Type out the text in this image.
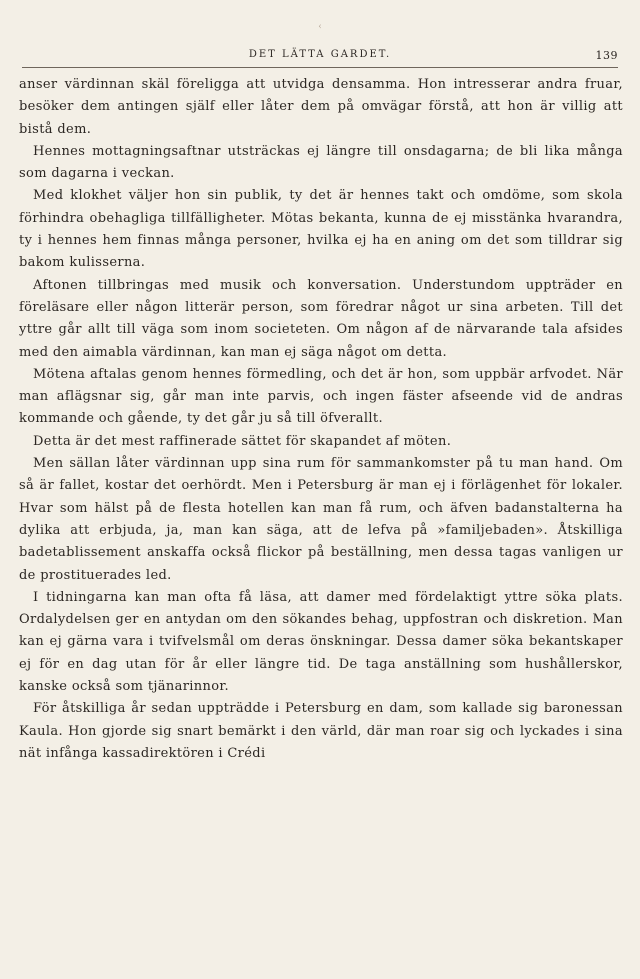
‹
DET LÄTTA GARDET.	139

anser värdinnan skäl föreligga att utvidga densamma. Hon intresserar andra fruar, besöker dem antingen själf eller låter dem på omvägar förstå, att hon är villig att bistå dem.

Hennes mottagningsaftnar utsträckas ej längre till onsdagarna; de bli lika många som dagarna i veckan.

Med klokhet väljer hon sin publik, ty det är hennes takt och omdöme, som skola förhindra obehagliga tillfälligheter. Mötas bekanta, kunna de ej misstänka hvarandra, ty i hennes hem finnas många personer, hvilka ej ha en aning om det som tilldrar sig bakom kulisserna.

Aftonen tillbringas med musik och konversation. Understundom uppträder en föreläsare eller någon litterär person, som föredrar något ur sina arbeten. Till det yttre går allt till väga som inom societeten. Om någon af de närvarande tala afsides med den aimabla värdinnan, kan man ej säga något om detta.

Mötena aftalas genom hennes förmedling, och det är hon, som uppbär arfvodet. När man aflägsnar sig, går man inte parvis, och ingen fäster afseende vid de andras kommande och gående, ty det går ju så till öfverallt.

Detta är det mest raffinerade sättet för skapandet af möten.

Men sällan låter värdinnan upp sina rum för sammankomster på tu man hand. Om så är fallet, kostar det oerhördt. Men i Petersburg är man ej i förlägenhet för lokaler. Hvar som hälst på de flesta hotellen kan man få rum, och äfven badanstalterna ha dylika att erbjuda, ja, man kan säga, att de lefva på »familjebaden». Åtskilliga badetablissement anskaffa också flickor på beställning, men dessa tagas vanligen ur de prostituerades led.

I tidningarna kan man ofta få läsa, att damer med fördelaktigt yttre söka plats. Ordalydelsen ger en antydan om den sökandes behag, uppfostran och diskretion. Man kan ej gärna vara i tvifvelsmål om deras önskningar. Dessa damer söka bekantskaper ej för en dag utan för år eller längre tid. De taga anställning som hushållerskor, kanske också som tjänarinnor.

För åtskilliga år sedan uppträdde i Petersburg en dam, som kallade sig baronessan Kaula. Hon gjorde sig snart bemärkt i den värld, där man roar sig och lyckades i sina nät infånga kassadirektören i Crédi
